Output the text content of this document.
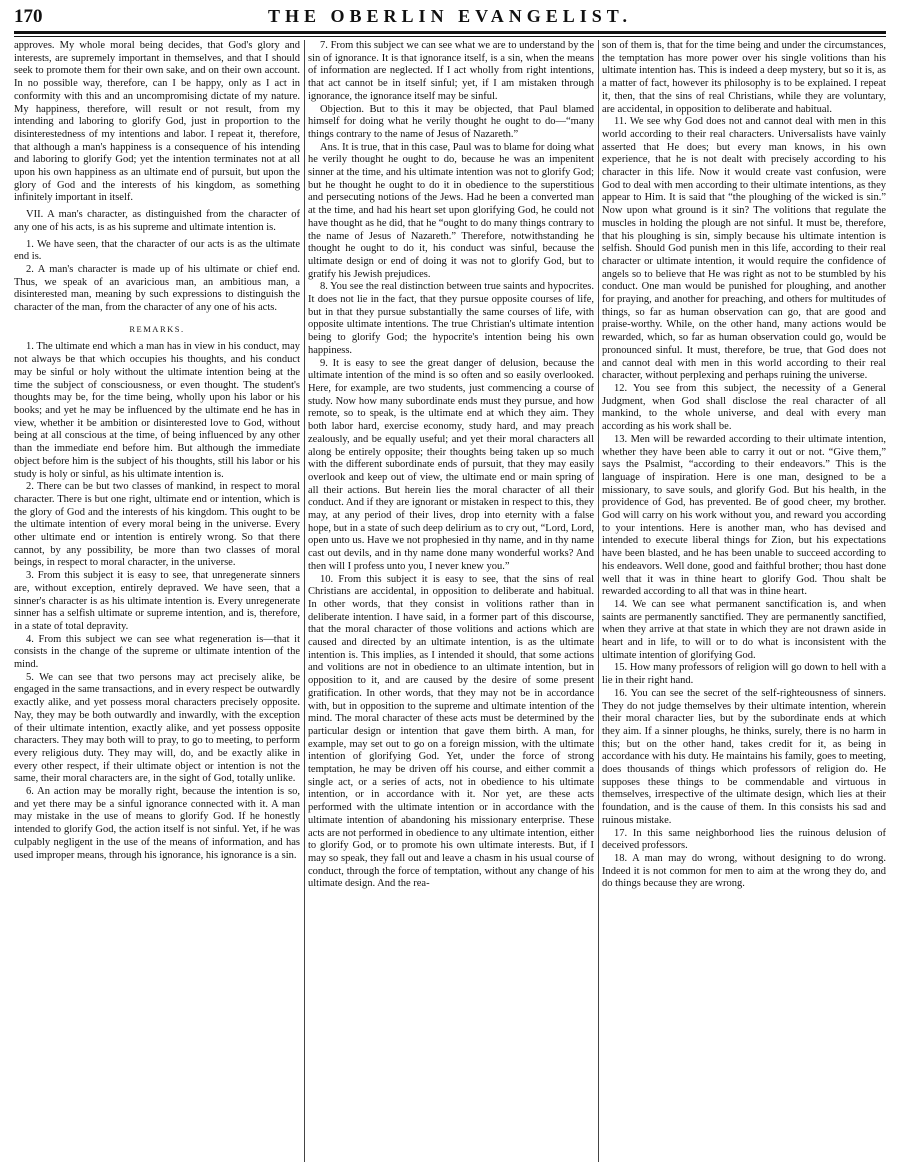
170	THE OBERLIN EVANGELIST.

approves. My whole moral being decides, that God's glory and interests, are supremely important in themselves, and that I should seek to promote them for their own sake, and on their own account. In no possible way, therefore, can I be happy, only as I act in conformity with this and an uncompromising dictate of my nature. My happiness, therefore, will result or not result, from my intending and laboring to glorify God, just in proportion to the disinterestedness of my intentions and labor. I repeat it, therefore, that although a man's happiness is a consequence of his intending and laboring to glorify God; yet the intention terminates not at all upon his own happiness as an ultimate end of pursuit, but upon the glory of God and the interests of his kingdom, as something infinitely important in itself.

VII. A man's character, as distinguished from the character of any one of his acts, is as his supreme and ultimate intention is.

1. We have seen, that the character of our acts is as the ultimate end is.

2. A man's character is made up of his ultimate or chief end. Thus, we speak of an avaricious man, an ambitious man, a disinterested man, meaning by such expressions to distinguish the character of the man, from the character of any one of his acts.

REMARKS.

1. The ultimate end which a man has in view in his conduct, may not always be that which occupies his thoughts, and his conduct may be sinful or holy without the ultimate intention being at the time the subject of consciousness, or even thought. The student's thoughts may be, for the time being, wholly upon his labor or his books; and yet he may be influenced by the ultimate end he has in view, whether it be ambition or disinterested love to God, without being at all conscious at the time, of being influenced by any other than the immediate end before him. But although the immediate object before him is the subject of his thoughts, still his labor or his study is holy or sinful, as his ultimate intention is.

2. There can be but two classes of mankind, in respect to moral character. There is but one right, ultimate end or intention, which is the glory of God and the interests of his kingdom. This ought to be the ultimate intention of every moral being in the universe. Every other ultimate end or intention is entirely wrong. So that there cannot, by any possibility, be more than two classes of moral beings, in respect to moral character, in the universe.

3. From this subject it is easy to see, that unregenerate sinners are, without exception, entirely depraved. We have seen, that a sinner's character is as his ultimate intention is. Every unregenerate sinner has a selfish ultimate or supreme intention, and is, therefore, in a state of total depravity.

4. From this subject we can see what regeneration is—that it consists in the change of the supreme or ultimate intention of the mind.

5. We can see that two persons may act precisely alike, be engaged in the same transactions, and in every respect be outwardly exactly alike, and yet possess moral characters precisely opposite. Nay, they may be both outwardly and inwardly, with the exception of their ultimate intention, exactly alike, and yet possess opposite characters. They may both will to pray, to go to meeting, to perform every religious duty. They may will, do, and be exactly alike in every other respect, if their ultimate object or intention is not the same, their moral characters are, in the sight of God, totally unlike.

6. An action may be morally right, because the intention is so, and yet there may be a sinful ignorance connected with it. A man may mistake in the use of means to glorify God. If he honestly intended to glorify God, the action itself is not sinful. Yet, if he was culpably negligent in the use of the means of information, and has used improper means, through his ignorance, his ignorance is a sin.

7. From this subject we can see what we are to understand by the sin of ignorance. It is that ignorance itself, is a sin, when the means of information are neglected. If I act wholly from right intentions, that act cannot be in itself sinful; yet, if I am mistaken through ignorance, the ignorance itself may be sinful.

Objection. But to this it may be objected, that Paul blamed himself for doing what he verily thought he ought to do—“many things contrary to the name of Jesus of Nazareth.”

Ans. It is true, that in this case, Paul was to blame for doing what he verily thought he ought to do, because he was an impenitent sinner at the time, and his ultimate intention was not to glorify God; but he thought he ought to do it in obedience to the superstitious and persecuting notions of the Jews. Had he been a converted man at the time, and had his heart set upon glorifying God, he could not have thought as he did, that he “ought to do many things contrary to the name of Jesus of Nazareth.” Therefore, notwithstanding he thought he ought to do it, his conduct was sinful, because the ultimate design or end of doing it was not to glorify God, but to gratify his Jewish prejudices.

8. You see the real distinction between true saints and hypocrites. It does not lie in the fact, that they pursue opposite courses of life, but in that they pursue substantially the same courses of life, with opposite ultimate intentions. The true Christian's ultimate intention being to glorify God; the hypocrite's intention being his own happiness.

9. It is easy to see the great danger of delusion, because the ultimate intention of the mind is so often and so easily overlooked. Here, for example, are two students, just commencing a course of study. Now how many subordinate ends must they pursue, and how remote, so to speak, is the ultimate end at which they aim. They both labor hard, exercise economy, study hard, and may preach zealously, and be equally useful; and yet their moral characters all along be entirely opposite; their thoughts being taken up so much with the different subordinate ends of pursuit, that they may easily overlook and keep out of view, the ultimate end or main spring of all their actions. But herein lies the moral character of all their conduct. And if they are ignorant or mistaken in respect to this, they may, at any period of their lives, drop into eternity with a false hope, but in a state of such deep delirium as to cry out, “Lord, Lord, open unto us. Have we not prophesied in thy name, and in thy name cast out devils, and in thy name done many wonderful works? And then will I profess unto you, I never knew you.”

10. From this subject it is easy to see, that the sins of real Christians are accidental, in opposition to deliberate and habitual. In other words, that they consist in volitions rather than in deliberate intention. I have said, in a former part of this discourse, that the moral character of those volitions and actions which are caused and directed by an ultimate intention, is as the ultimate intention is. This implies, as I intended it should, that some actions and volitions are not in obedience to an ultimate intention, but in opposition to it, and are caused by the desire of some present gratification. In other words, that they may not be in accordance with, but in opposition to the supreme and ultimate intention of the mind. The moral character of these acts must be determined by the particular design or intention that gave them birth. A man, for example, may set out to go on a foreign mission, with the ultimate intention of glorifying God. Yet, under the force of strong temptation, he may be driven off his course, and either commit a single act, or a series of acts, not in obedience to his ultimate intention, or in accordance with it. Nor yet, are these acts performed with the ultimate intention or in accordance with the ultimate intention of abandoning his missionary enterprise. These acts are not performed in obedience to any ultimate intention, either to glorify God, or to promote his own ultimate interests. But, if I may so speak, they fall out and leave a chasm in his usual course of conduct, through the force of temptation, without any change of his ultimate design. And the rea-

son of them is, that for the time being and under the circumstances, the temptation has more power over his single volitions than his ultimate intention has. This is indeed a deep mystery, but so it is, as a matter of fact, however its philosophy is to be explained. I repeat it, then, that the sins of real Christians, while they are voluntary, are accidental, in opposition to deliberate and habitual.

11. We see why God does not and cannot deal with men in this world according to their real characters. Universalists have vainly asserted that He does; but every man knows, in his own experience, that he is not dealt with precisely according to his character in this life. Now it would create vast confusion, were God to deal with men according to their ultimate intentions, as they appear to Him. It is said that “the ploughing of the wicked is sin.” Now upon what ground is it sin? The volitions that regulate the muscles in holding the plough are not sinful. It must be, therefore, that his ploughing is sin, simply because his ultimate intention is selfish. Should God punish men in this life, according to their real character or ultimate intention, it would require the confidence of angels so to believe that He was right as not to be stumbled by his conduct. One man would be punished for ploughing, and another for praying, and another for preaching, and others for multitudes of things, so far as human observation can go, that are good and praise-worthy. While, on the other hand, many actions would be rewarded, which, so far as human observation could go, would be pronounced sinful. It must, therefore, be true, that God does not and cannot deal with men in this world according to their real character, without perplexing and perhaps ruining the universe.

12. You see from this subject, the necessity of a General Judgment, when God shall disclose the real character of all mankind, to the whole universe, and deal with every man according as his work shall be.

13. Men will be rewarded according to their ultimate intention, whether they have been able to carry it out or not. “Give them,” says the Psalmist, “according to their endeavors.” This is the language of inspiration. Here is one man, designed to be a missionary, to save souls, and glorify God. But his health, in the providence of God, has prevented. Be of good cheer, my brother. God will carry on his work without you, and reward you according to your intentions. Here is another man, who has devised and intended to execute liberal things for Zion, but his expectations have been blasted, and he has been unable to succeed according to his endeavors. Well done, good and faithful brother; thou hast done well that it was in thine heart to glorify God. Thou shalt be rewarded according to all that was in thine heart.

14. We can see what permanent sanctification is, and when saints are permanently sanctified. They are permanently sanctified, when they arrive at that state in which they are not drawn aside in heart and in life, to will or to do what is inconsistent with the ultimate intention of glorifying God.

15. How many professors of religion will go down to hell with a lie in their right hand.

16. You can see the secret of the self-righteousness of sinners. They do not judge themselves by their ultimate intention, wherein their moral character lies, but by the subordinate ends at which they aim. If a sinner ploughs, he thinks, surely, there is no harm in this; but on the other hand, takes credit for it, as being in accordance with his duty. He maintains his family, goes to meeting, does thousands of things which professors of religion do. He supposes these things to be commendable and virtuous in themselves, irrespective of the ultimate design, which lies at their foundation, and is the cause of them. In this consists his sad and ruinous mistake.

17. In this same neighborhood lies the ruinous delusion of deceived professors.

18. A man may do wrong, without designing to do wrong. Indeed it is not common for men to aim at the wrong they do, and do things because they are wrong.
